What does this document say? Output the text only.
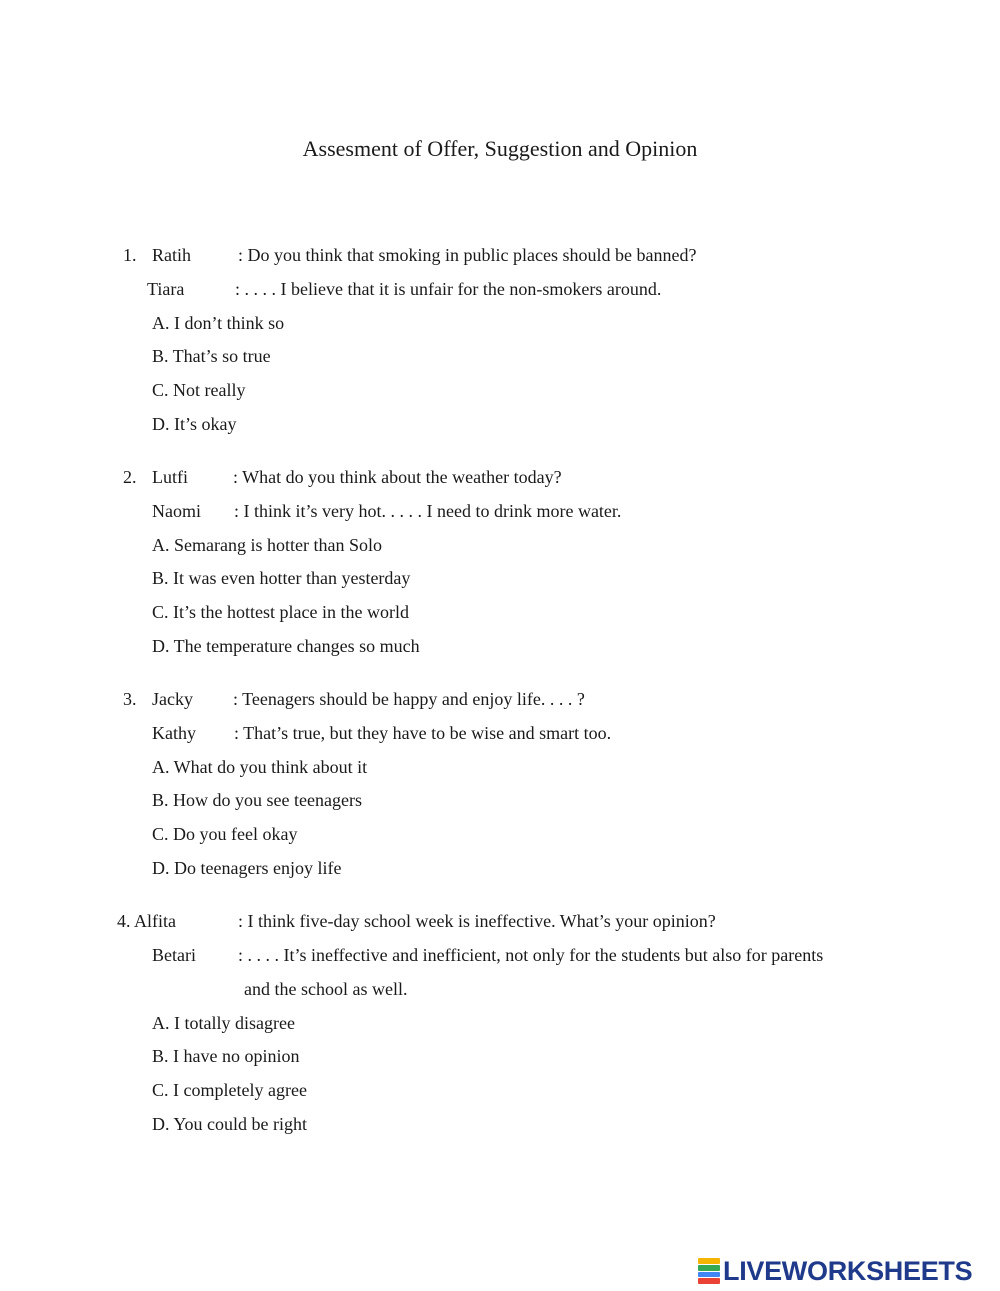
Assesment of Offer, Suggestion and Opinion
1. Ratih	: Do you think that smoking in public places should be banned?
Tiara	: . . . . I believe that it is unfair for the non-smokers around.
A. I don’t think so
B. That’s so true
C. Not really
D. It’s okay
2. Lutfi	: What do you think about the weather today?
Naomi : I think it’s very hot. . . . . I need to drink more water.
A. Semarang is hotter than Solo
B. It was even hotter than yesterday
C. It’s the hottest place in the world
D. The temperature changes so much
3. Jacky : Teenagers should be happy and enjoy life. . . . ?
Kathy : That’s true, but they have to be wise and smart too.
A. What do you think about it
B. How do you see teenagers
C. Do you feel okay
D. Do teenagers enjoy life
4. Alfita	: I think five-day school week is ineffective. What’s your opinion?
Betari : . . . . It’s ineffective and inefficient, not only for the students but also for parents
and the school as well.
A. I totally disagree
B. I have no opinion
C. I completely agree
D. You could be right
LIVEWORKSHEETS
